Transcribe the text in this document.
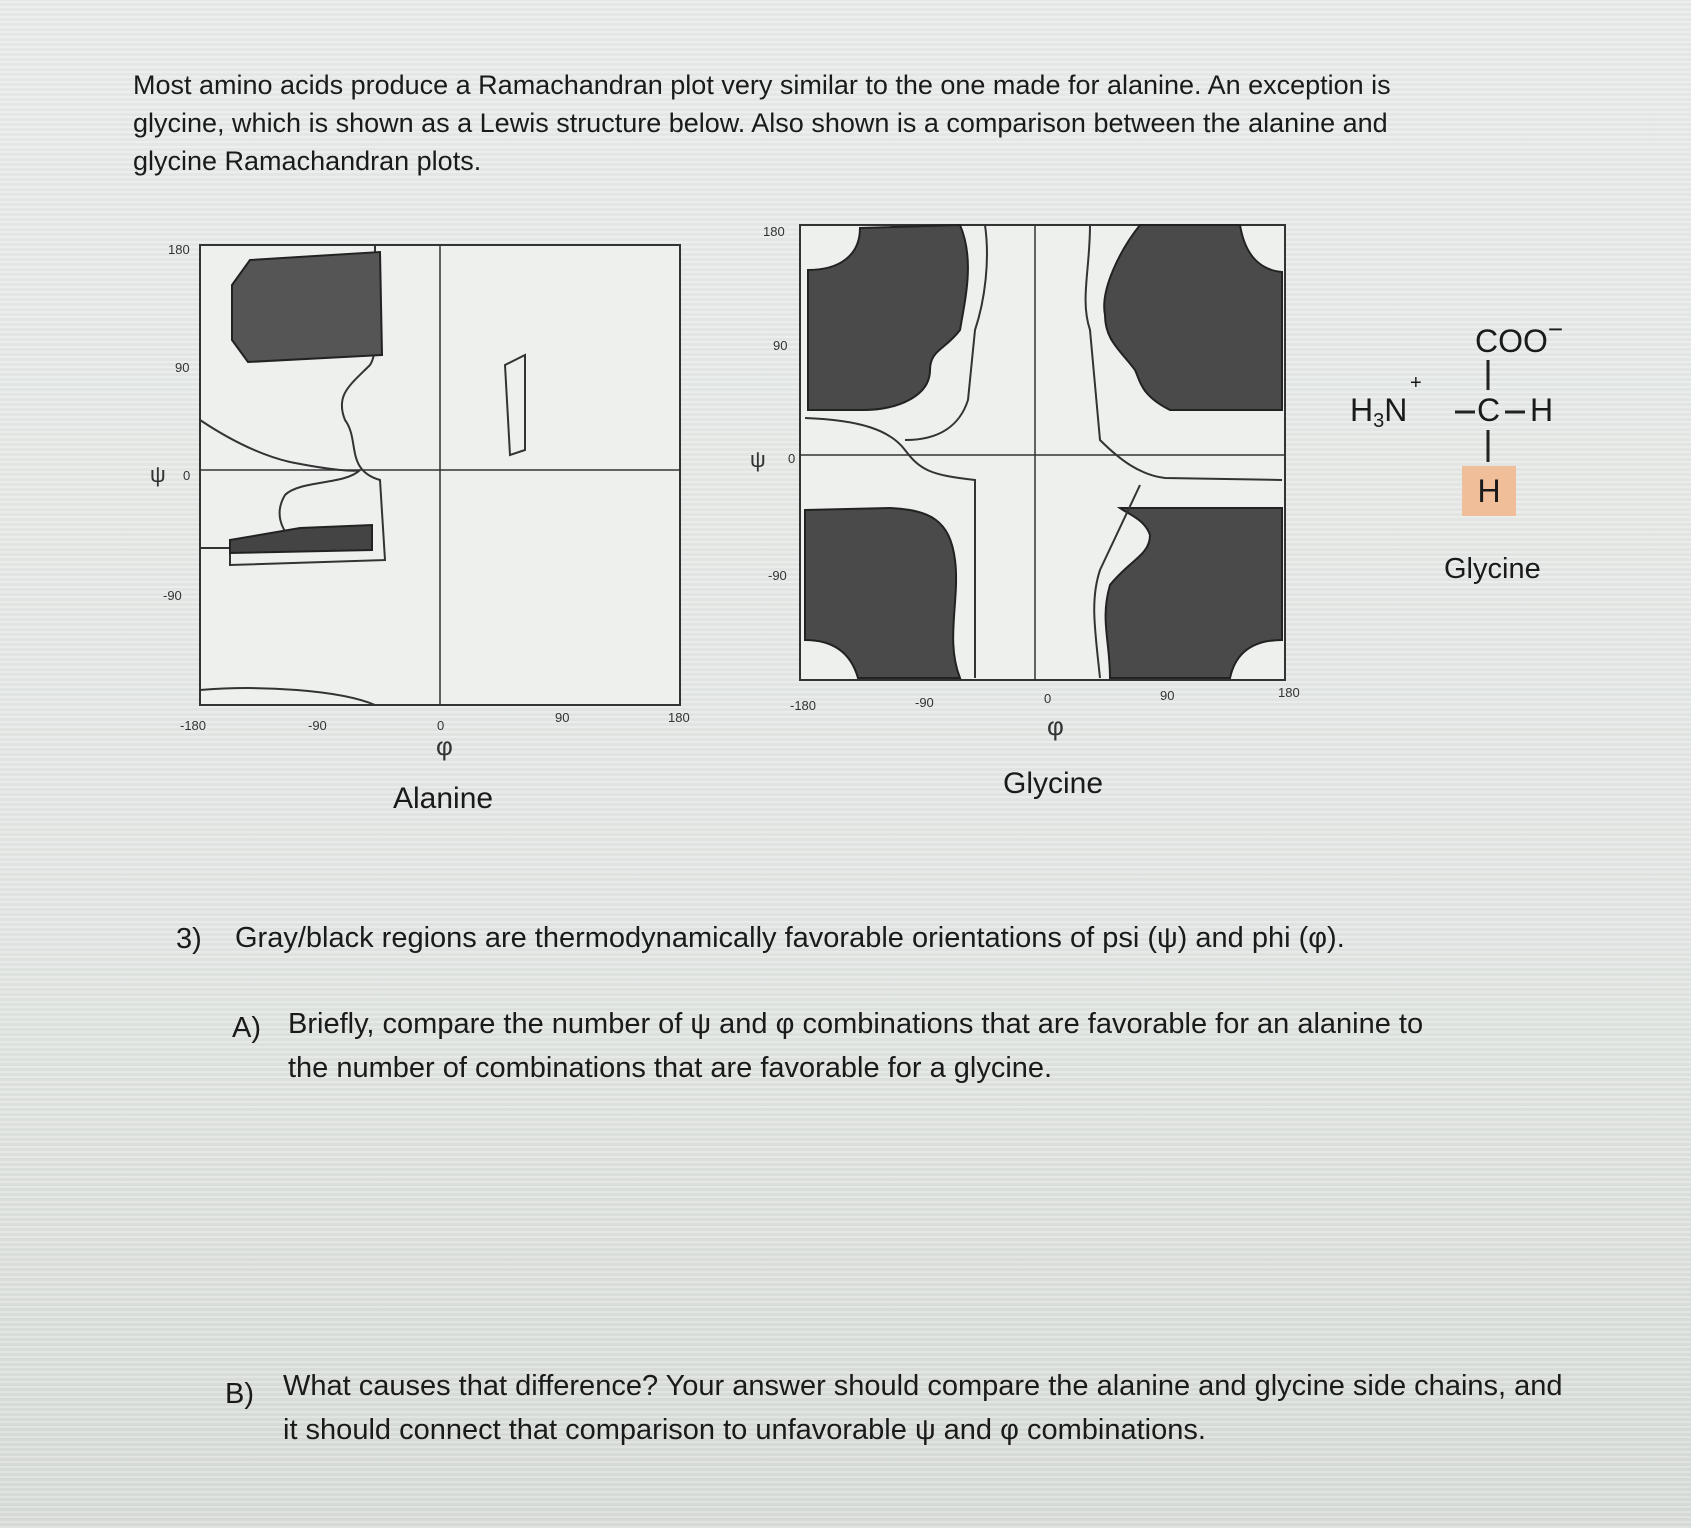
Most amino acids produce a Ramachandran plot very similar to the one made for alanine. An exception is glycine, which is shown as a Lewis structure below. Also shown is a comparison between the alanine and glycine Ramachandran plots.

180
90
0
-90
-180	-90	0
90	180
ψ
φ
180
90
0
-90
-180	-90	0	90	180
ψ
φ
Alanine	Glycine
COO−
+
$H_3N$ C H
H
Glycine
3) Gray/black regions are thermodynamically favorable orientations of psi (ψ) and phi (φ).

A) Briefly, compare the number of ψ and φ combinations that are favorable for an alanine to the number of combinations that are favorable for a glycine.

B) What causes that difference? Your answer should compare the alanine and glycine side chains, and it should connect that comparison to unfavorable ψ and φ combinations.
